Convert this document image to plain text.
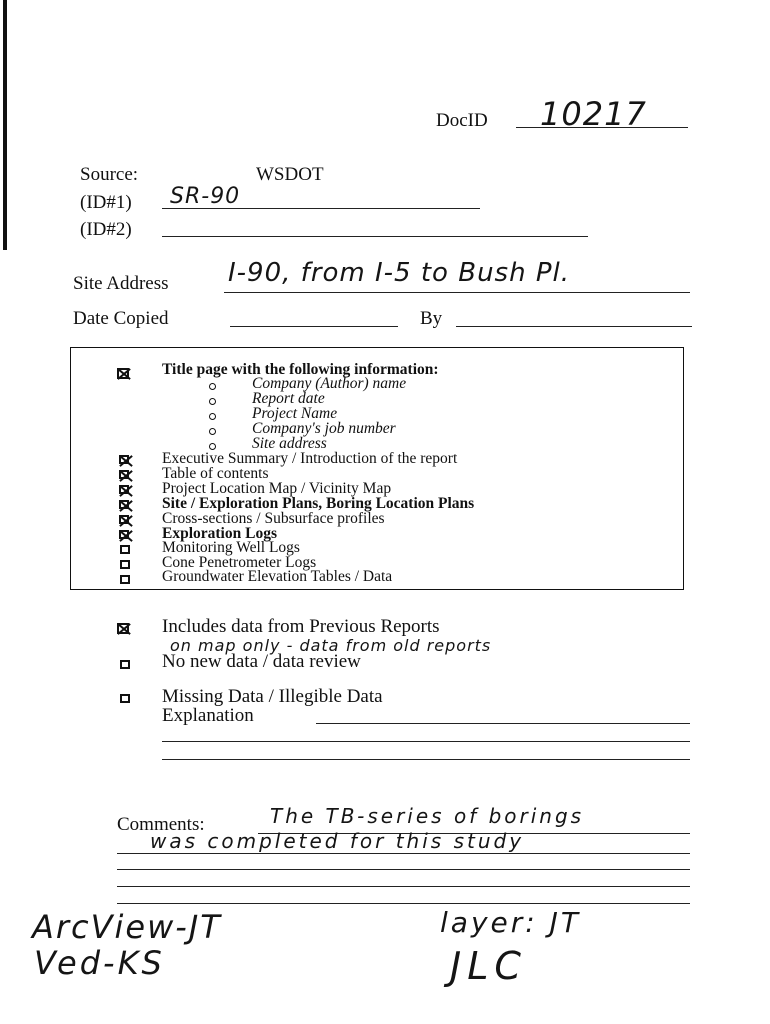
DocID 10217
Source:	WSDOT
(ID#1) SR-90
(ID#2)
Site Address I-90, from I-5 to Bush Pl.
Date Copied	By
Title page with the following information:
Company (Author) name
Report date
Project Name
Company's job number
Site address
Executive Summary / Introduction of the report
Table of contents
Project Location Map / Vicinity Map
Site / Exploration Plans, Boring Location Plans
Cross-sections / Subsurface profiles
Exploration Logs
Monitoring Well Logs
Cone Penetrometer Logs
Groundwater Elevation Tables / Data
Includes data from Previous Reports
on map only - data from old reports
No new data / data review
Missing Data / Illegible Data
Explanation
Comments:	The TB-series of borings
was completed for this study
ArcView-JT
Ved-KS
layer: JT
JLC
